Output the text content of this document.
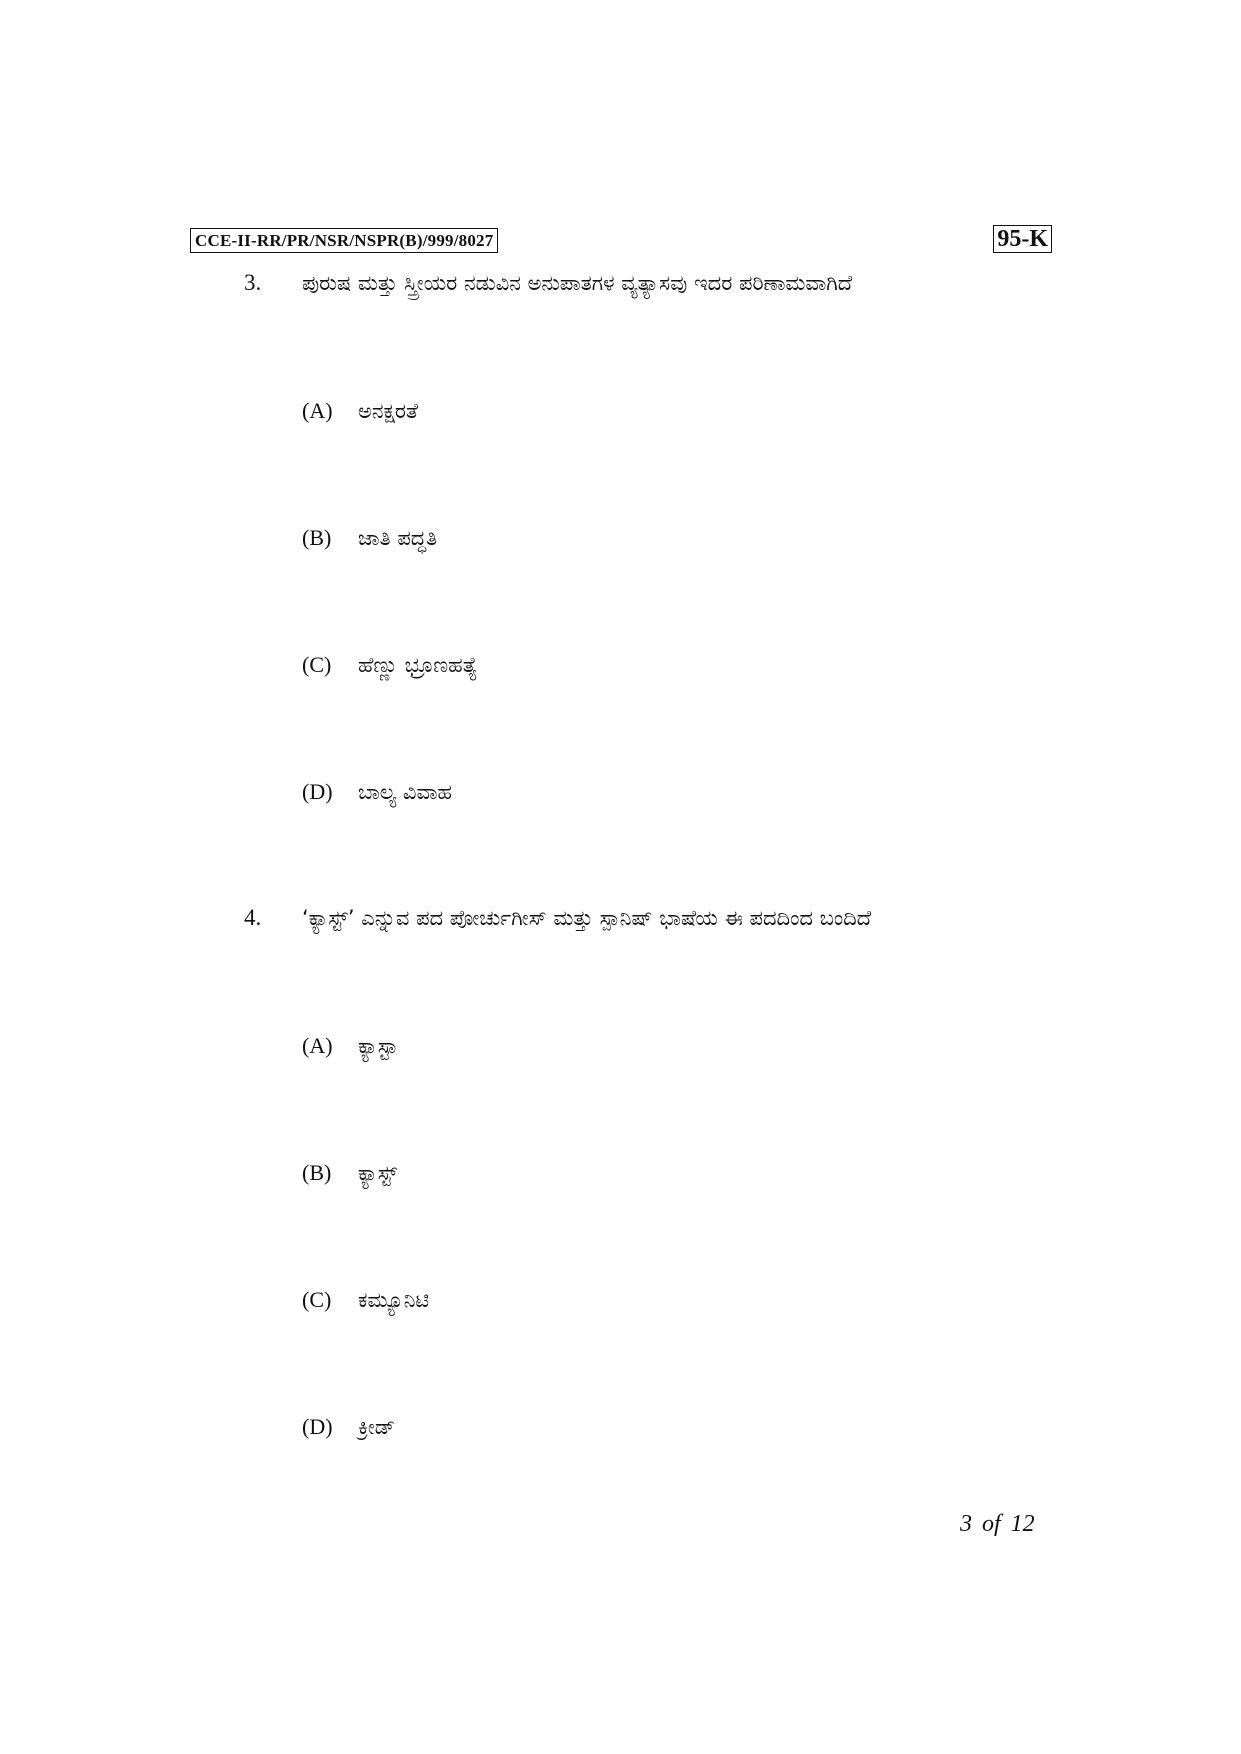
CCE-II-RR/PR/NSR/NSPR(B)/999/8027	95-K
3. ಪುರುಷ ಮತ್ತು ಸ್ತ್ರೀಯರ ನಡುವಿನ ಅನುಪಾತಗಳ ವ್ಯತ್ಯಾಸವು ಇದರ ಪರಿಣಾಮವಾಗಿದೆ
(A) ಅನಕ್ಷರತೆ
(B) ಜಾತಿ ಪದ್ಧತಿ
(C) ಹೆಣ್ಣು ಭ್ರೂಣಹತ್ಯೆ
(D) ಬಾಲ್ಯ ವಿವಾಹ
4. ‘ಕ್ಯಾಸ್ಟ್’ ಎನ್ನುವ ಪದ ಪೋರ್ಚುಗೀಸ್ ಮತ್ತು ಸ್ಪಾನಿಷ್ ಭಾಷೆಯ ಈ ಪದದಿಂದ ಬಂದಿದೆ
(A) ಕ್ಯಾಸ್ಟಾ
(B) ಕ್ಯಾಸ್ಟ್
(C) ಕಮ್ಯೂನಿಟಿ
(D) ಕ್ರೀಡ್
3 of 12
